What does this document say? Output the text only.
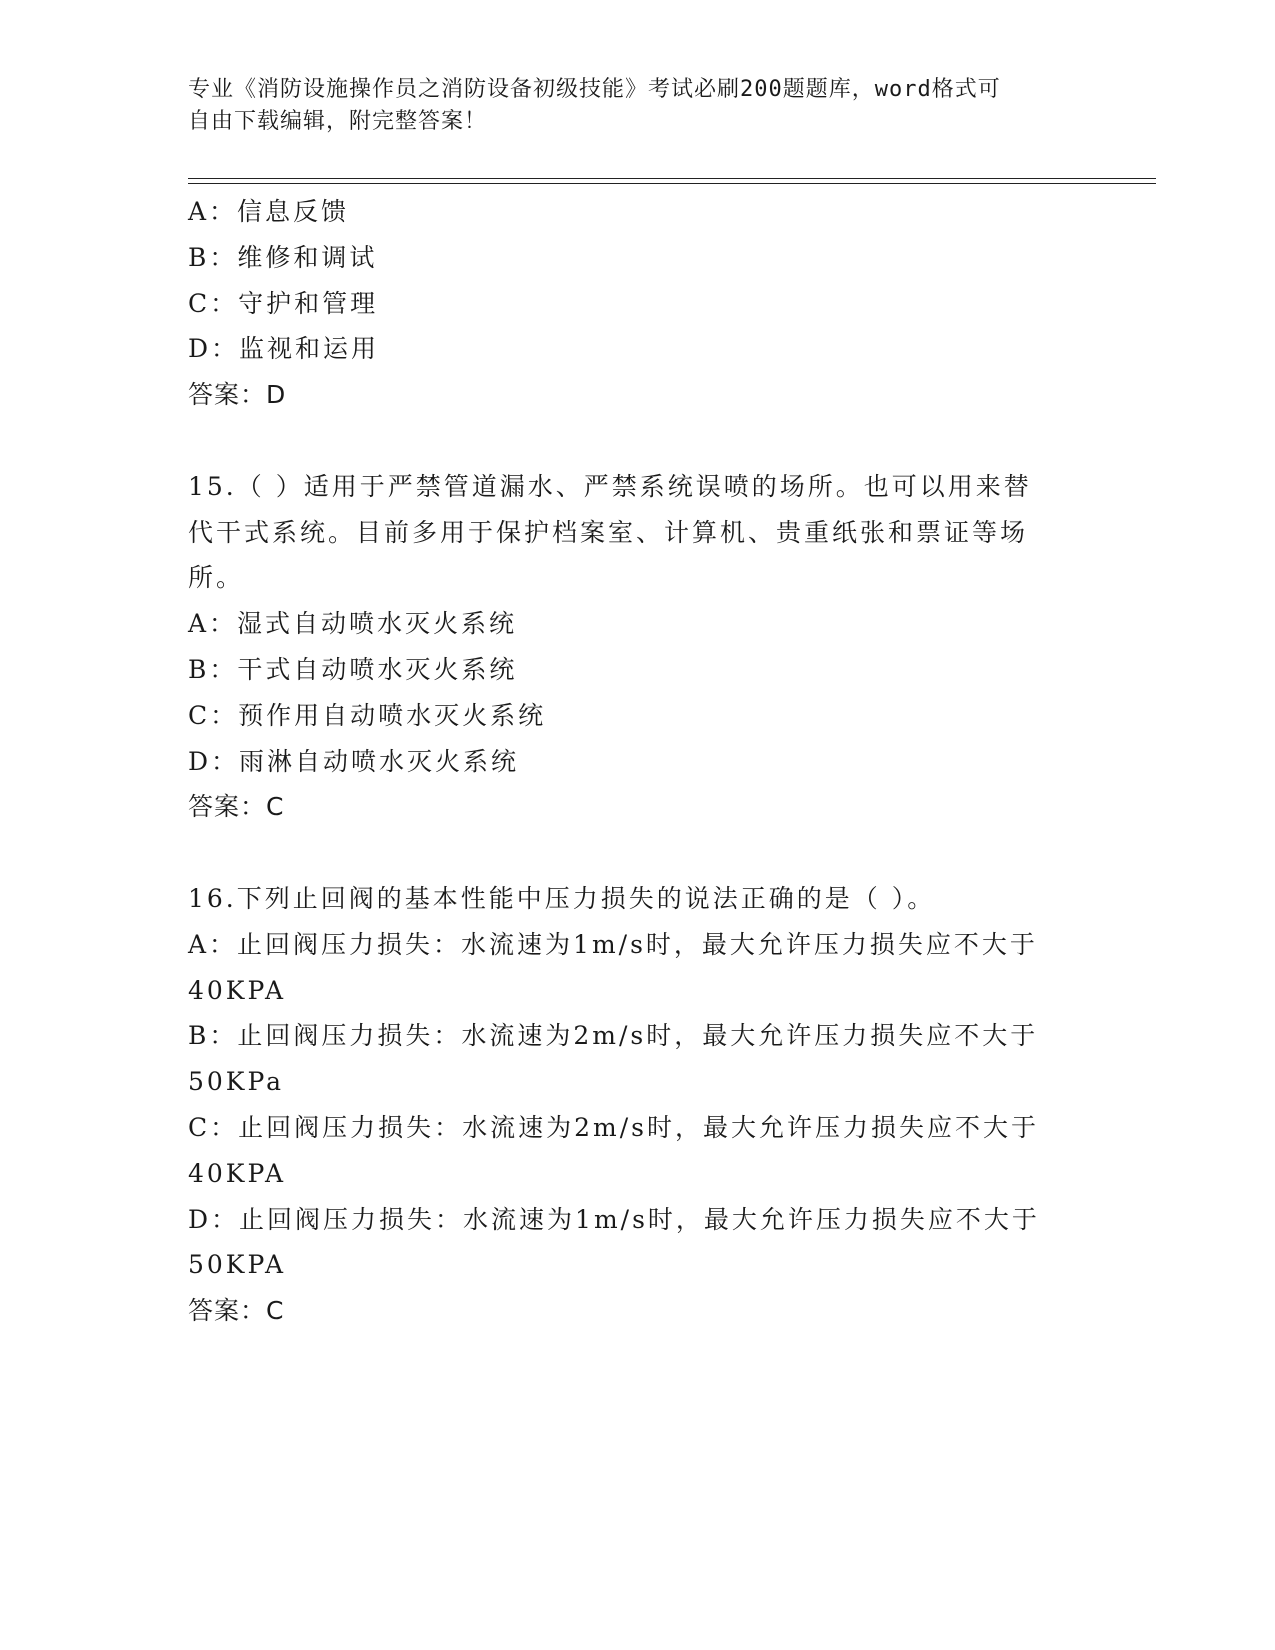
专业《消防设施操作员之消防设备初级技能》考试必刷200题题库，word格式可
自由下载编辑，附完整答案！
A：信息反馈
B：维修和调试
C：守护和管理
D：监视和运用
答案：D
15.（ ）适用于严禁管道漏水、严禁系统误喷的场所。也可以用来替
代干式系统。目前多用于保护档案室、计算机、贵重纸张和票证等场
所。
A：湿式自动喷水灭火系统
B：干式自动喷水灭火系统
C：预作用自动喷水灭火系统
D：雨淋自动喷水灭火系统
答案：C
16.下列止回阀的基本性能中压力损失的说法正确的是（ ）。
A：止回阀压力损失：水流速为1m/s时，最大允许压力损失应不大于
40KPA
B：止回阀压力损失：水流速为2m/s时，最大允许压力损失应不大于
50KPa
C：止回阀压力损失：水流速为2m/s时，最大允许压力损失应不大于
40KPA
D：止回阀压力损失：水流速为1m/s时，最大允许压力损失应不大于
50KPA
答案：C
